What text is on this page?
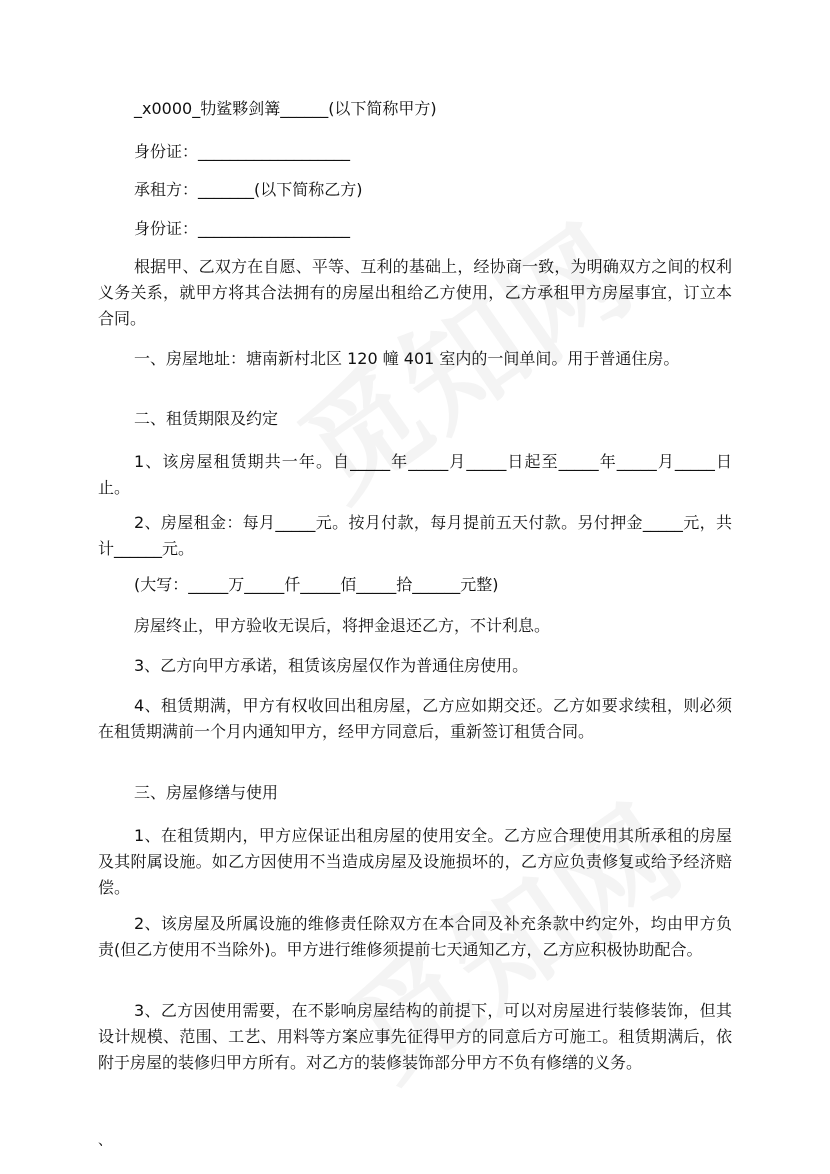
_x0000_牞鲨夥剑篝______(以下简称甲方)

身份证：___________________

承租方：_______(以下简称乙方)

身份证：___________________

根据甲、乙双方在自愿、平等、互利的基础上，经协商一致，为明确双方之间的权利义务关系，就甲方将其合法拥有的房屋出租给乙方使用，乙方承租甲方房屋事宜，订立本合同。

一、房屋地址：塘南新村北区 120 幢 401 室内的一间单间。用于普通住房。

二、租赁期限及约定

1、该房屋租赁期共一年。自_____年_____月_____日起至_____年_____月_____日止。

2、房屋租金：每月_____元。按月付款，每月提前五天付款。另付押金_____元，共计______元。

(大写：_____万_____仟_____佰_____拾______元整)

房屋终止，甲方验收无误后，将押金退还乙方，不计利息。

3、乙方向甲方承诺，租赁该房屋仅作为普通住房使用。

4、租赁期满，甲方有权收回出租房屋，乙方应如期交还。乙方如要求续租，则必须在租赁期满前一个月内通知甲方，经甲方同意后，重新签订租赁合同。

三、房屋修缮与使用

1、在租赁期内，甲方应保证出租房屋的使用安全。乙方应合理使用其所承租的房屋及其附属设施。如乙方因使用不当造成房屋及设施损坏的，乙方应负责修复或给予经济赔偿。

2、该房屋及所属设施的维修责任除双方在本合同及补充条款中约定外，均由甲方负责(但乙方使用不当除外)。甲方进行维修须提前七天通知乙方，乙方应积极协助配合。

3、乙方因使用需要，在不影响房屋结构的前提下，可以对房屋进行装修装饰，但其设计规模、范围、工艺、用料等方案应事先征得甲方的同意后方可施工。租赁期满后，依附于房屋的装修归甲方所有。对乙方的装修装饰部分甲方不负有修缮的义务。

、
